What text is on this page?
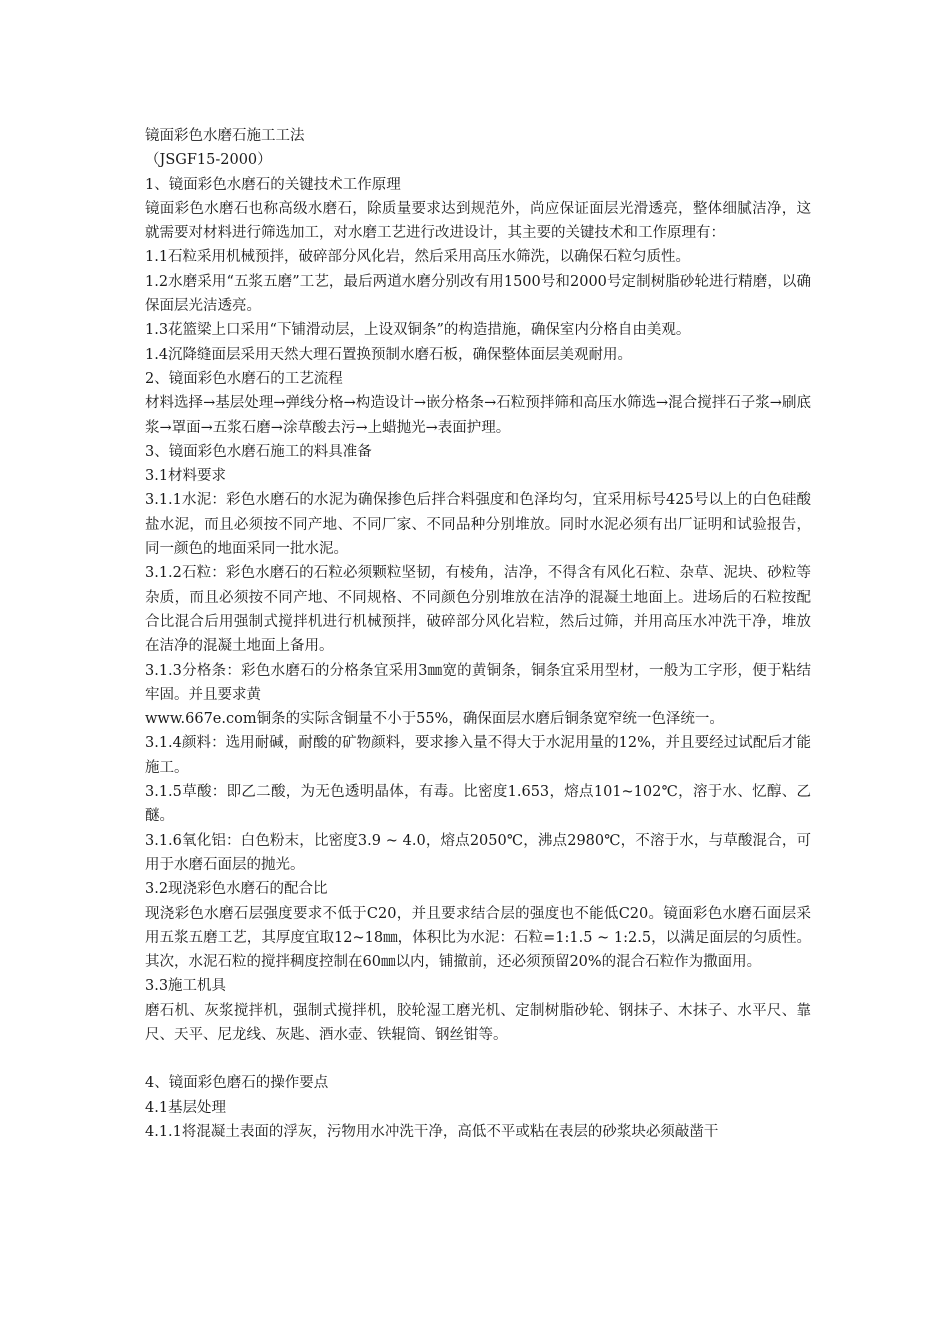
镜面彩色水磨石施工工法

（JSGF15-2000）

1、镜面彩色水磨石的关键技术工作原理

镜面彩色水磨石也称高级水磨石，除质量要求达到规范外，尚应保证面层光滑透亮，整体细腻洁净，这就需要对材料进行筛选加工，对水磨工艺进行改进设计，其主要的关键技术和工作原理有：

1.1石粒采用机械预拌，破碎部分风化岩，然后采用高压水筛洗，以确保石粒匀质性。

1.2水磨采用“五浆五磨”工艺，最后两道水磨分别改有用1500号和2000号定制树脂砂轮进行精磨，以确保面层光洁透亮。

1.3花篮梁上口采用“下铺滑动层，上设双铜条”的构造措施，确保室内分格自由美观。

1.4沉降缝面层采用天然大理石置换预制水磨石板，确保整体面层美观耐用。

2、镜面彩色水磨石的工艺流程

材料选择→基层处理→弹线分格→构造设计→嵌分格条→石粒预拌筛和高压水筛选→混合搅拌石子浆→刷底浆→罩面→五浆石磨→涂草酸去污→上蜡抛光→表面护理。

3、镜面彩色水磨石施工的料具准备

3.1材料要求

3.1.1水泥：彩色水磨石的水泥为确保掺色后拌合料强度和色泽均匀，宜采用标号425号以上的白色硅酸盐水泥，而且必须按不同产地、不同厂家、不同品种分别堆放。同时水泥必须有出厂证明和试验报告，同一颜色的地面采同一批水泥。

3.1.2石粒：彩色水磨石的石粒必须颗粒坚韧，有棱角，洁净，不得含有风化石粒、杂草、泥块、砂粒等杂质，而且必须按不同产地、不同规格、不同颜色分别堆放在洁净的混凝土地面上。进场后的石粒按配合比混合后用强制式搅拌机进行机械预拌，破碎部分风化岩粒，然后过筛，并用高压水冲洗干净，堆放在洁净的混凝土地面上备用。

3.1.3分格条：彩色水磨石的分格条宜采用3㎜宽的黄铜条，铜条宜采用型材，一般为工字形，便于粘结牢固。并且要求黄

www.667e.com铜条的实际含铜量不小于55%，确保面层水磨后铜条宽窄统一色泽统一。

3.1.4颜料：选用耐碱，耐酸的矿物颜料，要求掺入量不得大于水泥用量的12%，并且要经过试配后才能施工。

3.1.5草酸：即乙二酸，为无色透明晶体，有毒。比密度1.653，熔点101~102℃，溶于水、忆醇、乙醚。

3.1.6氧化铝：白色粉末，比密度3.9 ~ 4.0，熔点2050℃，沸点2980℃，不溶于水，与草酸混合，可用于水磨石面层的抛光。

3.2现浇彩色水磨石的配合比

现浇彩色水磨石层强度要求不低于C20，并且要求结合层的强度也不能低C20。镜面彩色水磨石面层采用五浆五磨工艺，其厚度宜取12~18㎜，体积比为水泥：石粒=1:1.5 ~ 1:2.5，以满足面层的匀质性。其次，水泥石粒的搅拌稠度控制在60㎜以内，铺撤前，还必须预留20%的混合石粒作为撒面用。

3.3施工机具

磨石机、灰浆搅拌机，强制式搅拌机，胶轮湿工磨光机、定制树脂砂轮、钢抹子、木抹子、水平尺、靠尺、天平、尼龙线、灰匙、酒水壶、铁辊筒、钢丝钳等。

4、镜面彩色磨石的操作要点

4.1基层处理

4.1.1将混凝土表面的浮灰，污物用水冲洗干净，高低不平或粘在表层的砂浆块必须敲凿干
